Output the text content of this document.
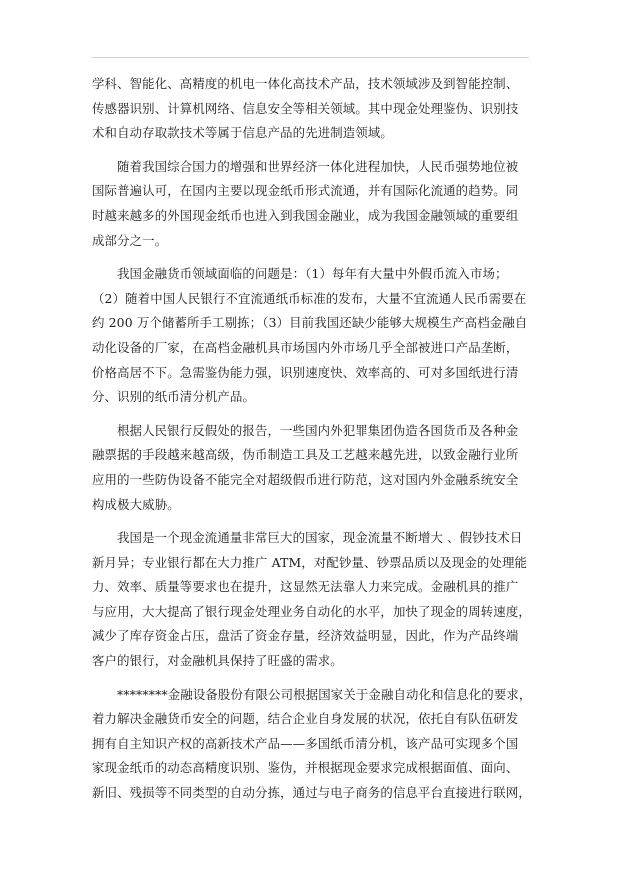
学科、智能化、高精度的机电一体化高技术产品，技术领域涉及到智能控制、
传感器识别、计算机网络、信息安全等相关领域。其中现金处理鉴伪、识别技
术和自动存取款技术等属于信息产品的先进制造领域。

随着我国综合国力的增强和世界经济一体化进程加快，人民币强势地位被
国际普遍认可，在国内主要以现金纸币形式流通，并有国际化流通的趋势。同
时越来越多的外国现金纸币也进入到我国金融业，成为我国金融领域的重要组
成部分之一。

我国金融货币领域面临的问题是：（1）每年有大量中外假币流入市场；
（2）随着中国人民银行不宜流通纸币标准的发布，大量不宜流通人民币需要在
约 200 万个储蓄所手工剔拣；（3）目前我国还缺少能够大规模生产高档金融自
动化设备的厂家，在高档金融机具市场国内外市场几乎全部被进口产品垄断，
价格高居不下。急需鉴伪能力强，识别速度快、效率高的、可对多国纸进行清
分、识别的纸币清分机产品。

根据人民银行反假处的报告，一些国内外犯罪集团伪造各国货币及各种金
融票据的手段越来越高级，伪币制造工具及工艺越来越先进，以致金融行业所
应用的一些防伪设备不能完全对超级假币进行防范，这对国内外金融系统安全
构成极大威胁。

我国是一个现金流通量非常巨大的国家，现金流量不断增大 、假钞技术日
新月异；专业银行都在大力推广 ATM，对配钞量、钞票品质以及现金的处理能
力、效率、质量等要求也在提升，这显然无法靠人力来完成。金融机具的推广
与应用，大大提高了银行现金处理业务自动化的水平，加快了现金的周转速度，
减少了库存资金占压，盘活了资金存量，经济效益明显，因此，作为产品终端
客户的银行，对金融机具保持了旺盛的需求。

********金融设备股份有限公司根据国家关于金融自动化和信息化的要求，
着力解决金融货币安全的问题，结合企业自身发展的状况，依托自有队伍研发
拥有自主知识产权的高新技术产品——多国纸币清分机，该产品可实现多个国
家现金纸币的动态高精度识别、鉴伪，并根据现金要求完成根据面值、面向、
新旧、残损等不同类型的自动分拣，通过与电子商务的信息平台直接进行联网，
